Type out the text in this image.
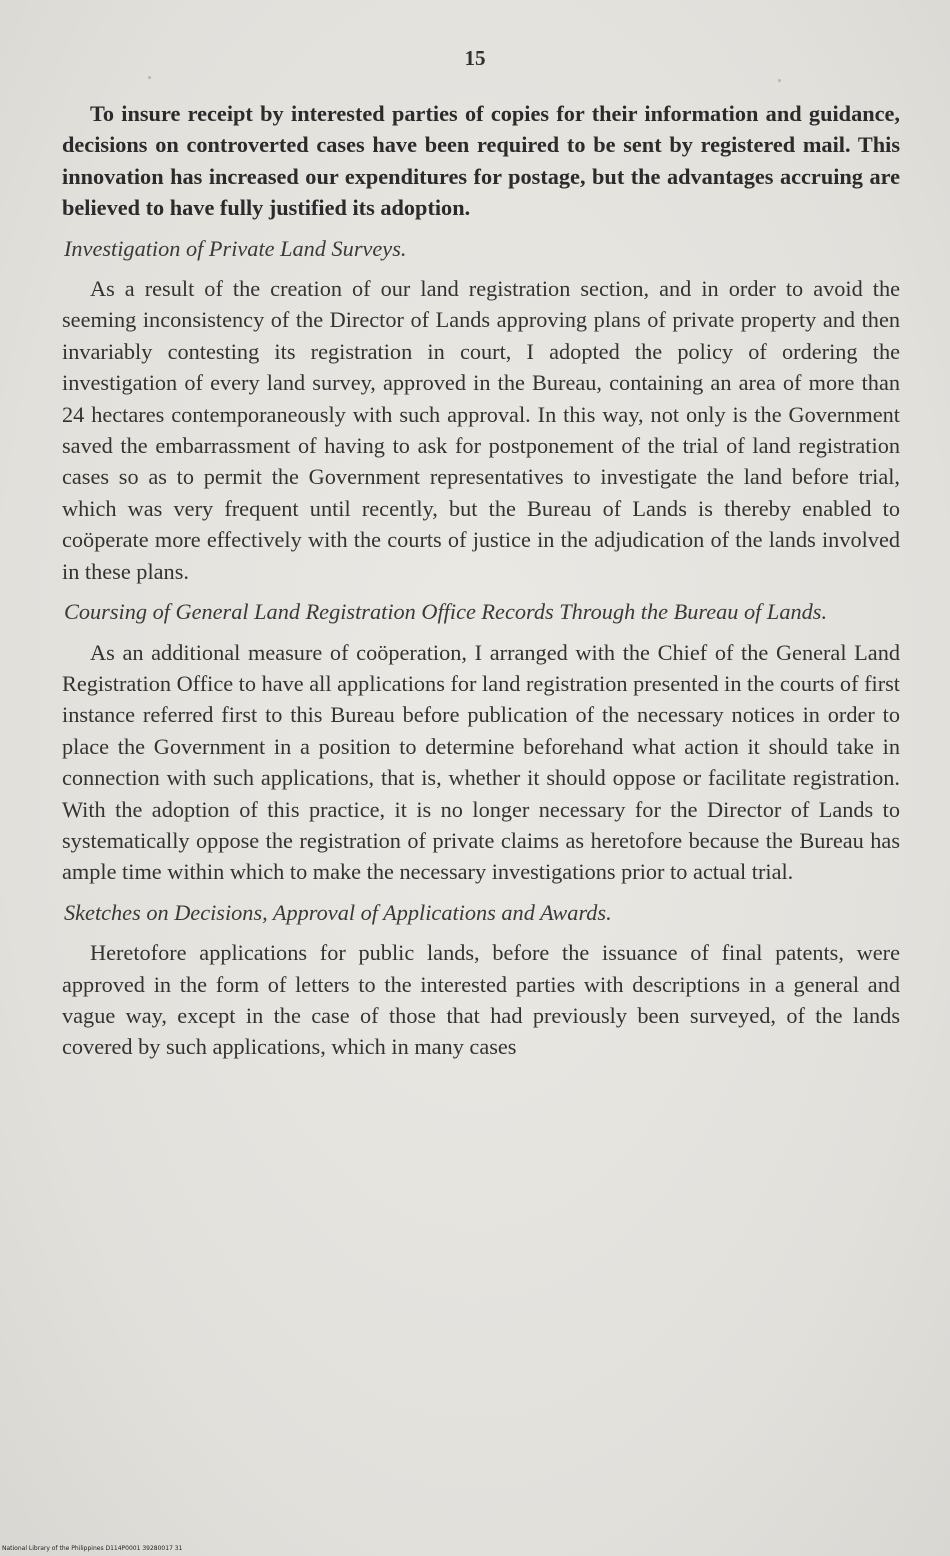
15

To insure receipt by interested parties of copies for their information and guidance, decisions on controverted cases have been required to be sent by registered mail. This innovation has increased our expenditures for postage, but the advantages accruing are believed to have fully justified its adoption.

Investigation of Private Land Surveys.

As a result of the creation of our land registration section, and in order to avoid the seeming inconsistency of the Director of Lands approving plans of private property and then invariably contesting its registration in court, I adopted the policy of ordering the investigation of every land survey, approved in the Bureau, containing an area of more than 24 hectares contemporaneously with such approval. In this way, not only is the Government saved the embarrassment of having to ask for postponement of the trial of land registration cases so as to permit the Government representatives to investigate the land before trial, which was very frequent until recently, but the Bureau of Lands is thereby enabled to coöperate more effectively with the courts of justice in the adjudication of the lands involved in these plans.

Coursing of General Land Registration Office Records Through the Bureau of Lands.

As an additional measure of coöperation, I arranged with the Chief of the General Land Registration Office to have all applications for land registration presented in the courts of first instance referred first to this Bureau before publication of the necessary notices in order to place the Government in a position to determine beforehand what action it should take in connection with such applications, that is, whether it should oppose or facilitate registration. With the adoption of this practice, it is no longer necessary for the Director of Lands to systematically oppose the registration of private claims as heretofore because the Bureau has ample time within which to make the necessary investigations prior to actual trial.

Sketches on Decisions, Approval of Applications and Awards.

Heretofore applications for public lands, before the issuance of final patents, were approved in the form of letters to the interested parties with descriptions in a general and vague way, except in the case of those that had previously been surveyed, of the lands covered by such applications, which in many cases

National Library of the Philippines D114P0001 39280017 31
